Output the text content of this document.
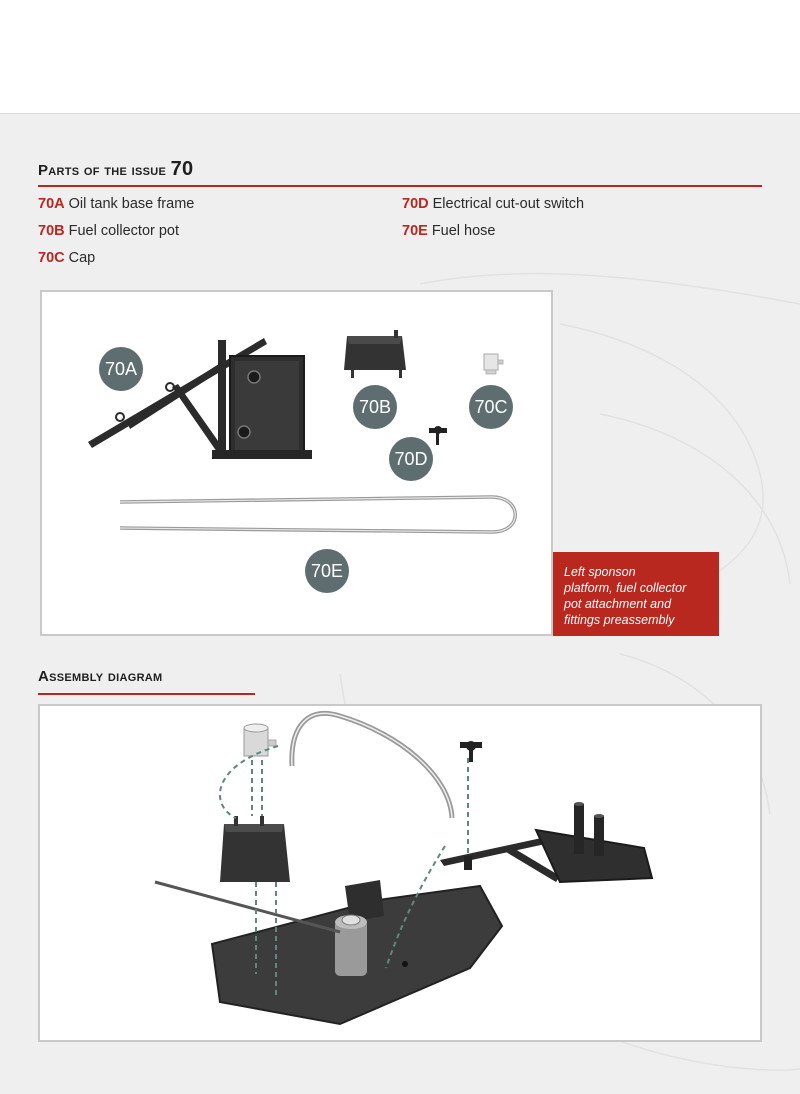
Parts of the issue 70
70A Oil tank base frame
70B Fuel collector pot
70C Cap
70D Electrical cut-out switch
70E Fuel hose
70A
70B	70C
70D
70E	Left sponson
platform, fuel collector
pot attachment and
fittings preassembly
Assembly diagram
